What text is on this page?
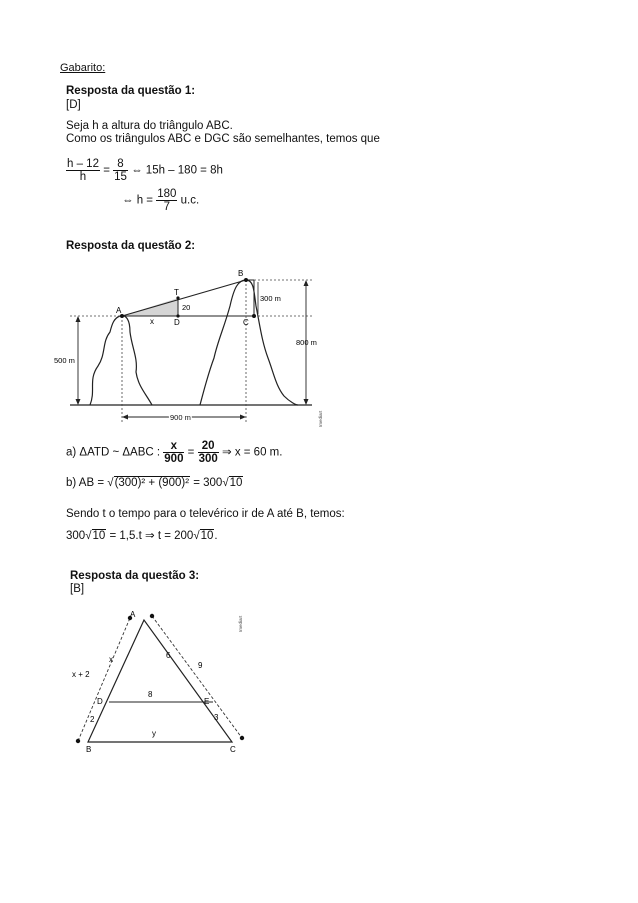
Gabarito:
Resposta da questão 1:
[D]
Seja h a altura do triângulo ABC.
Como os triângulos ABC e DGC são semelhantes, temos que
$\frac{h - 12}{h} = \frac{8}{15}$ ⇔ 15h – 180 = 8h
⇔ $h = \frac{180}{7} u.c$.
Resposta da questão 2:
A
B
C
D
T
x
20
300 m
800 m
500 m
900 m	Imediart
a) ΔATD ~ ΔABC : $\frac{x}{900} = \frac{20}{300}$ ⇒ x = 60 m.
b) AB = √(300)² + (900)² = 300√10
Sendo t o tempo para o televérico ir de A até B, temos:
300√10 = 1,5.t ⇒ t = 200√10.
Resposta da questão 3:
[B]
A
B	C
D	E
x
x + 2
2
6
9
8
3
y
Imediart
